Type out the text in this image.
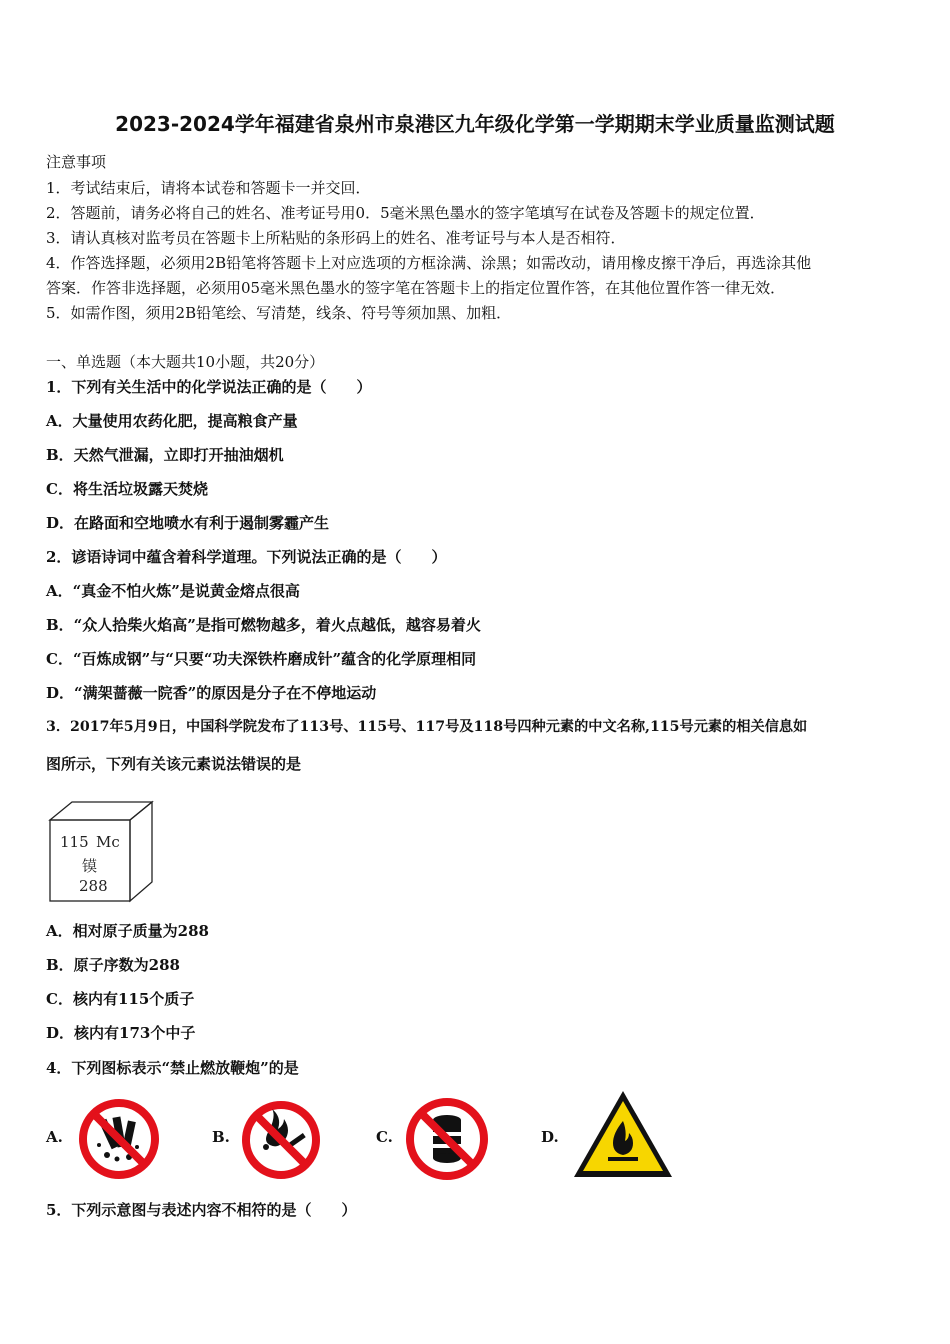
2023-2024学年福建省泉州市泉港区九年级化学第一学期期末学业质量监测试题
注意事项
1．考试结束后，请将本试卷和答题卡一并交回．
2．答题前，请务必将自己的姓名、准考证号用0．5毫米黑色墨水的签字笔填写在试卷及答题卡的规定位置．
3．请认真核对监考员在答题卡上所粘贴的条形码上的姓名、准考证号与本人是否相符．
4．作答选择题，必须用2B铅笔将答题卡上对应选项的方框涂满、涂黑；如需改动，请用橡皮擦干净后，再选涂其他
答案．作答非选择题，必须用05毫米黑色墨水的签字笔在答题卡上的指定位置作答，在其他位置作答一律无效．
5．如需作图，须用2B铅笔绘、写清楚，线条、符号等须加黑、加粗．
一、单选题（本大题共10小题，共20分）
1．下列有关生活中的化学说法正确的是（　　）
A．大量使用农药化肥，提高粮食产量
B．天然气泄漏，立即打开抽油烟机
C．将生活垃圾露天焚烧
D．在路面和空地喷水有利于遏制雾霾产生
2．谚语诗词中蕴含着科学道理。下列说法正确的是（　　）
A．“真金不怕火炼”是说黄金熔点很高
B．“众人拾柴火焰高”是指可燃物越多，着火点越低，越容易着火
C．“百炼成钢”与“只要“功夫深铁杵磨成针”蕴含的化学原理相同
D．“满架蔷薇一院香”的原因是分子在不停地运动
3．2017年5月9日，中国科学院发布了113号、115号、117号及118号四种元素的中文名称,115号元素的相关信息如
图所示，下列有关该元素说法错误的是
115 Mc
镆
288
A．相对原子质量为288
B．原子序数为288
C．核内有115个质子
D．核内有173个中子
4．下列图标表示“禁止燃放鞭炮”的是
A.	B.	C.	D.
5．下列示意图与表述内容不相符的是（　　）
